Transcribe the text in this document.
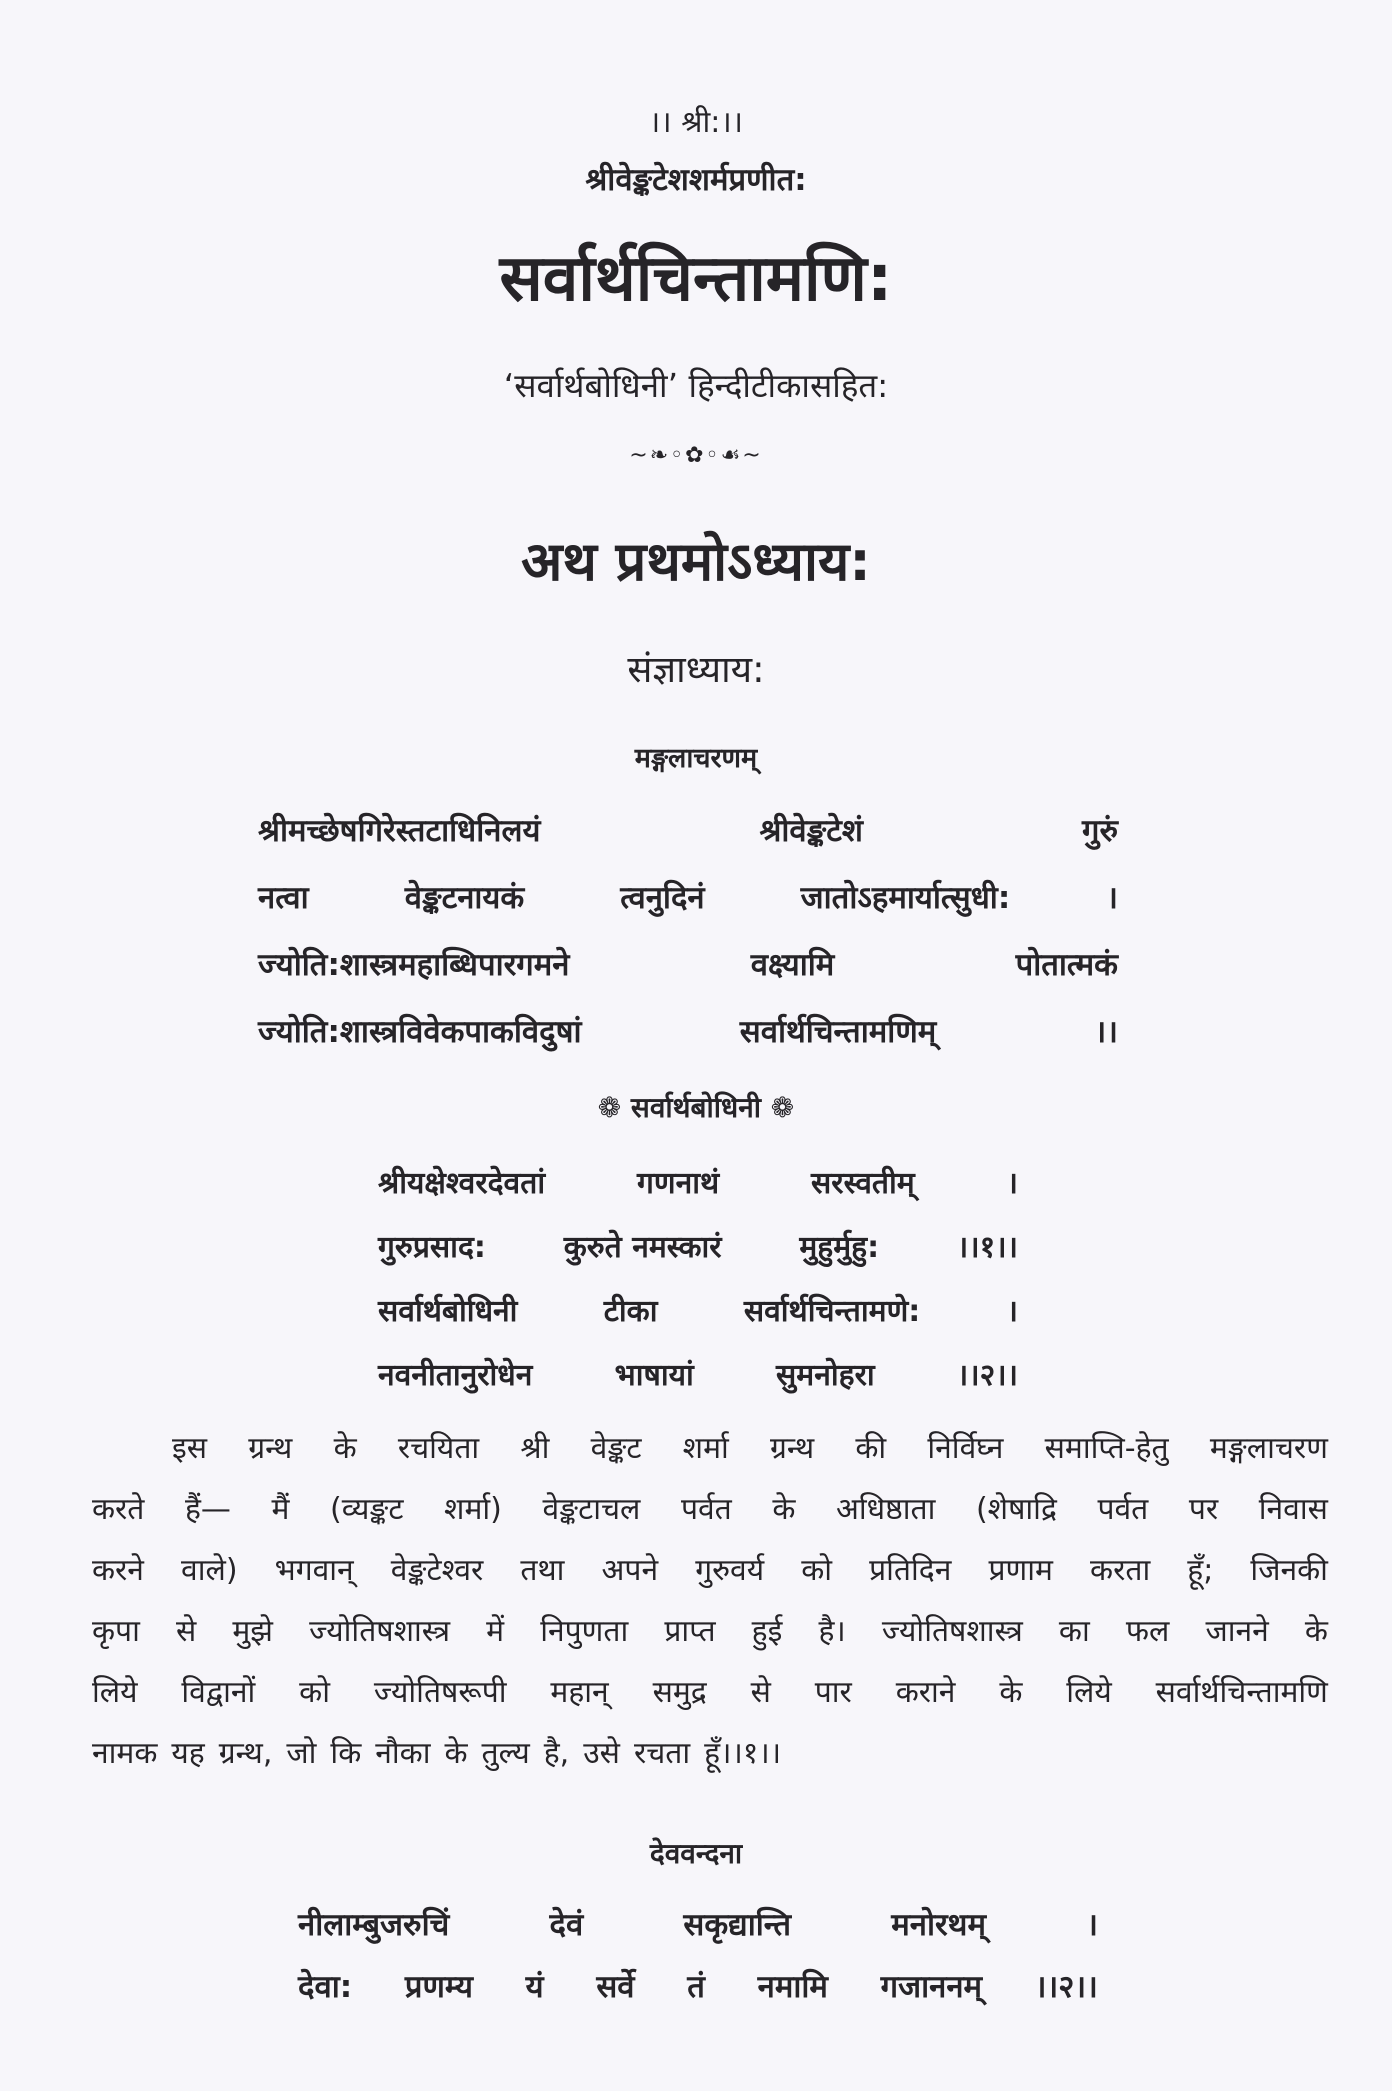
।। श्री:।।
श्रीवेङ्कटेशशर्मप्रणीत:
सर्वार्थचिन्तामणि:
‘सर्वार्थबोधिनी’ हिन्दीटीकासहित:
~❧◦✿◦☙~
अथ प्रथमोऽध्याय:
संज्ञाध्याय:
मङ्गलाचरणम्
श्रीमच्छेषगिरेस्तटाधिनिलयं	श्रीवेङ्कटेशं	गुरुं
नत्वा	वेङ्कटनायकं	त्वनुदिनं	जातोऽहमार्यात्सुधी:	।
ज्योति:शास्त्रमहाब्धिपारगमने	वक्ष्यामि	पोतात्मकं
ज्योति:शास्त्रविवेकपाकविदुषां	सर्वार्थचिन्तामणिम्	।।
❁ सर्वार्थबोधिनी ❁
श्रीयक्षेश्वरदेवतां	गणनाथं	सरस्वतीम्	।
गुरुप्रसाद:	कुरुते नमस्कारं	मुहुर्मुहु:	।।१।।
सर्वार्थबोधिनी	टीका	सर्वार्थचिन्तामणे:	।
नवनीतानुरोधेन	भाषायां	सुमनोहरा	।।२।।
इस ग्रन्थ के रचयिता श्री वेङ्कट शर्मा ग्रन्थ की निर्विघ्न समाप्ति-हेतु मङ्गलाचरण
करते हैं— मैं (व्यङ्कट शर्मा) वेङ्कटाचल पर्वत के अधिष्ठाता (शेषाद्रि पर्वत पर निवास
करने वाले) भगवान् वेङ्कटेश्वर तथा अपने गुरुवर्य को प्रतिदिन प्रणाम करता हूँ; जिनकी
कृपा से मुझे ज्योतिषशास्त्र में निपुणता प्राप्त हुई है। ज्योतिषशास्त्र का फल जानने के
लिये विद्वानों को ज्योतिषरूपी महान् समुद्र से पार कराने के लिये सर्वार्थचिन्तामणि
नामक यह ग्रन्थ, जो कि नौका के तुल्य है, उसे रचता हूँ।।१।।
देववन्दना
नीलाम्बुजरुचिं	देवं	सकृद्यान्ति	मनोरथम्	।
देवा: प्रणम्य यं सर्वे तं नमामि गजाननम् ।।२।।
